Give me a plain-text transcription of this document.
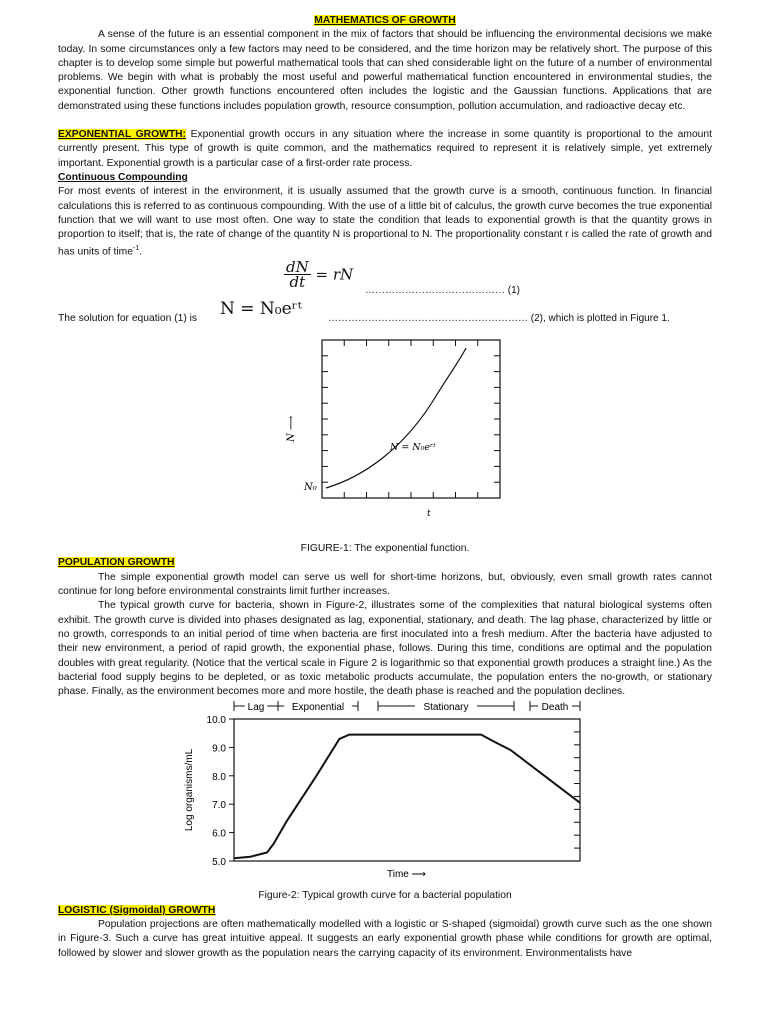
MATHEMATICS OF GROWTH

A sense of the future is an essential component in the mix of factors that should be influencing the environmental decisions we make today. In some circumstances only a few factors may need to be considered, and the time horizon may be relatively short. The purpose of this chapter is to develop some simple but powerful mathematical tools that can shed considerable light on the future of a number of environmental problems. We begin with what is probably the most useful and powerful mathematical function encountered in environmental studies, the exponential function. Other growth functions encountered often includes the logistic and the Gaussian functions. Applications that are demonstrated using these functions includes population growth, resource consumption, pollution accumulation, and radioactive decay etc.

EXPONENTIAL GROWTH: Exponential growth occurs in any situation where the increase in some quantity is proportional to the amount currently present. This type of growth is quite common, and the mathematics required to represent it is relatively simple, yet extremely important. Exponential growth is a particular case of a first-order rate process.

Continuous Compounding

For most events of interest in the environment, it is usually assumed that the growth curve is a smooth, continuous function. In financial calculations this is referred to as continuous compounding. With the use of a little bit of calculus, the growth curve becomes the true exponential function that we will want to use most often. One way to state the condition that leads to exponential growth is that the quantity grows in proportion to itself; that is, the rate of change of the quantity N is proportional to N. The proportionality constant r is called the rate of growth and has units of time$^{-1}$.

$\frac{dN}{dt}$ = rN
…………………………………… (1)
The solution for equation (1) is N = N₀eʳᵗ	…………………………………………………… (2), which is plotted in Figure 1.
N ⟶
N₀
N = N₀eʳᵗ
t

FIGURE-1: The exponential function.

POPULATION GROWTH

The simple exponential growth model can serve us well for short-time horizons, but, obviously, even small growth rates cannot continue for long before environmental constraints limit further increases.

The typical growth curve for bacteria, shown in Figure-2, illustrates some of the complexities that natural biological systems often exhibit. The growth curve is divided into phases designated as lag, exponential, stationary, and death. The lag phase, characterized by little or no growth, corresponds to an initial period of time when bacteria are first inoculated into a fresh medium. After the bacteria have adjusted to their new environment, a period of rapid growth, the exponential phase, follows. During this time, conditions are optimal and the population doubles with great regularity. (Notice that the vertical scale in Figure 2 is logarithmic so that exponential growth produces a straight line.) As the bacterial food supply begins to be depleted, or as toxic metabolic products accumulate, the population enters the no-growth, or stationary phase. Finally, as the environment becomes more and more hostile, the death phase is reached and the population declines.

10.0
9.0
8.0
7.0
6.0
5.0
Log organisms/mL
Time ⟶
Lag	Exponential	Stationary	Death

Figure-2: Typical growth curve for a bacterial population

LOGISTIC (Sigmoidal) GROWTH

Population projections are often mathematically modelled with a logistic or S-shaped (sigmoidal) growth curve such as the one shown in Figure-3. Such a curve has great intuitive appeal. It suggests an early exponential growth phase while conditions for growth are optimal, followed by slower and slower growth as the population nears the carrying capacity of its environment. Environmentalists have
